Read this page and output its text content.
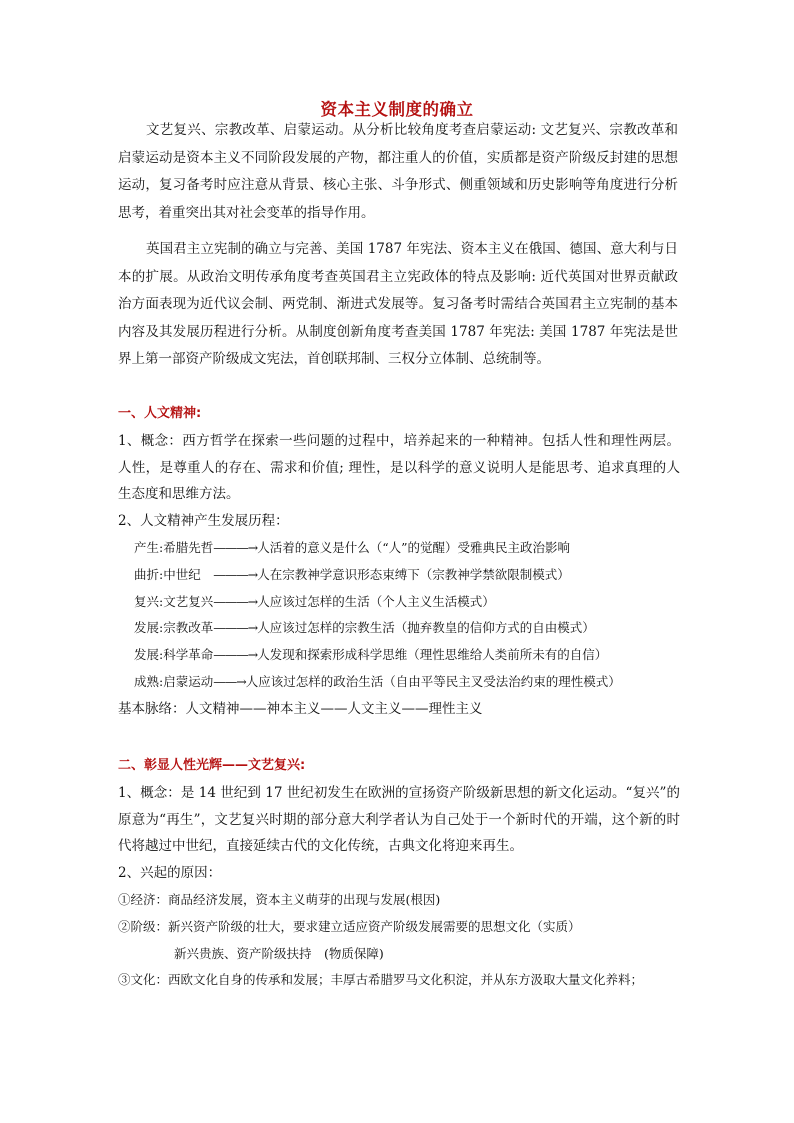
资本主义制度的确立

文艺复兴、宗教改革、启蒙运动。从分析比较角度考查启蒙运动: 文艺复兴、宗教改革和启蒙运动是资本主义不同阶段发展的产物，都注重人的价值，实质都是资产阶级反封建的思想运动，复习备考时应注意从背景、核心主张、斗争形式、侧重领域和历史影响等角度进行分析思考，着重突出其对社会变革的指导作用。

英国君主立宪制的确立与完善、美国 1787 年宪法、资本主义在俄国、德国、意大利与日本的扩展。从政治文明传承角度考查英国君主立宪政体的特点及影响: 近代英国对世界贡献政治方面表现为近代议会制、两党制、渐进式发展等。复习备考时需结合英国君主立宪制的基本内容及其发展历程进行分析。从制度创新角度考查美国 1787 年宪法: 美国 1787 年宪法是世界上第一部资产阶级成文宪法，首创联邦制、三权分立体制、总统制等。

一、人文精神:
1、概念：西方哲学在探索一些问题的过程中，培养起来的一种精神。包括人性和理性两层。人性，是尊重人的存在、需求和价值; 理性，是以科学的意义说明人是能思考、追求真理的人生态度和思维方法。
2、人文精神产生发展历程：
产生:希腊先哲———→人活着的意义是什么（“人”的觉醒）受雅典民主政治影响
曲折:中世纪　———→人在宗教神学意识形态束缚下（宗教神学禁欲限制模式）
复兴:文艺复兴———→人应该过怎样的生活（个人主义生活模式）
发展:宗教改革———→人应该过怎样的宗教生活（抛弃教皇的信仰方式的自由模式）
发展:科学革命———→人发现和探索形成科学思维（理性思维给人类前所未有的自信）
成熟:启蒙运动——→人应该过怎样的政治生活（自由平等民主叉受法治约束的理性模式）
基本脉络：人文精神——神本主义——人文主义——理性主义
二、彰显人性光辉——文艺复兴:
1、概念：是 14 世纪到 17 世纪初发生在欧洲的宣扬资产阶级新思想的新文化运动。“复兴”的原意为“再生”，文艺复兴时期的部分意大利学者认为自己处于一个新时代的开端，这个新的时代将越过中世纪，直接延续古代的文化传统，古典文化将迎来再生。
2、兴起的原因：
①经济：商品经济发展，资本主义萌芽的出现与发展(根因)
②阶级：新兴资产阶级的壮大，要求建立适应资产阶级发展需要的思想文化（实质）
新兴贵族、资产阶级扶持　(物质保障)
③文化：西欧文化自身的传承和发展；丰厚古希腊罗马文化积淀，并从东方汲取大量文化养料；
